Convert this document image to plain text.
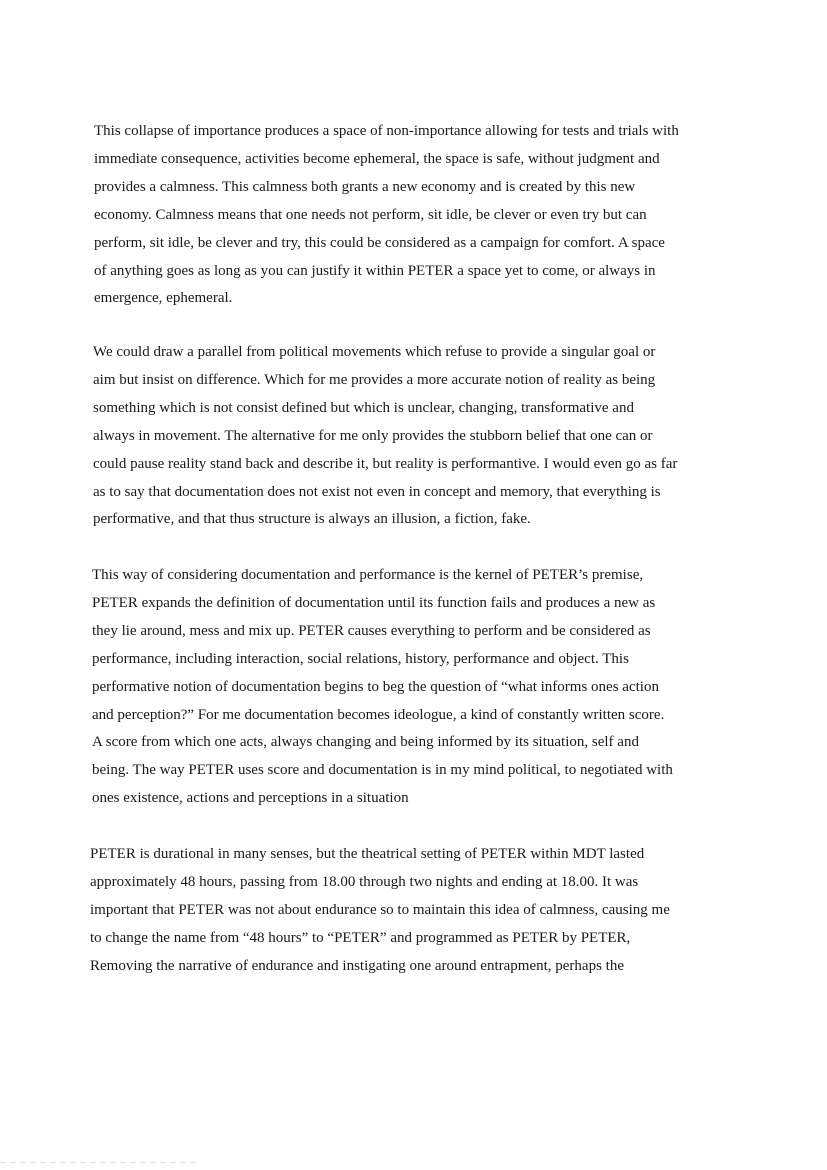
This collapse of importance produces a space of non-importance allowing for tests and trials with
immediate consequence, activities become ephemeral, the space is safe, without judgment and
provides a calmness. This calmness both grants a new economy and is created by this new
economy. Calmness means that one needs not perform, sit idle, be clever or even try but can
perform, sit idle, be clever and try, this could be considered as a campaign for comfort. A space
of anything goes as long as you can justify it within PETER a space yet to come, or always in
emergence, ephemeral.

We could draw a parallel from political movements which refuse to provide a singular goal or
aim but insist on difference. Which for me provides a more accurate notion of reality as being
something which is not consist defined but which is unclear, changing, transformative and
always in movement. The alternative for me only provides the stubborn belief that one can or
could pause reality stand back and describe it, but reality is performantive. I would even go as far
as to say that documentation does not exist not even in concept and memory, that everything is
performative, and that thus structure is always an illusion, a fiction, fake.

This way of considering documentation and performance is the kernel of PETER’s premise,
PETER expands the definition of documentation until its function fails and produces a new as
they lie around, mess and mix up. PETER causes everything to perform and be considered as
performance, including interaction, social relations, history, performance and object. This
performative notion of documentation begins to beg the question of “what informs ones action
and perception?” For me documentation becomes ideologue, a kind of constantly written score.
A score from which one acts, always changing and being informed by its situation, self and
being. The way PETER uses score and documentation is in my mind political, to negotiated with
ones existence, actions and perceptions in a situation

PETER is durational in many senses, but the theatrical setting of PETER within MDT lasted
approximately 48 hours, passing from 18.00 through two nights and ending at 18.00. It was
important that PETER was not about endurance so to maintain this idea of calmness, causing me
to change the name from “48 hours” to “PETER” and programmed as PETER by PETER,
Removing the narrative of endurance and instigating one around entrapment, perhaps the
